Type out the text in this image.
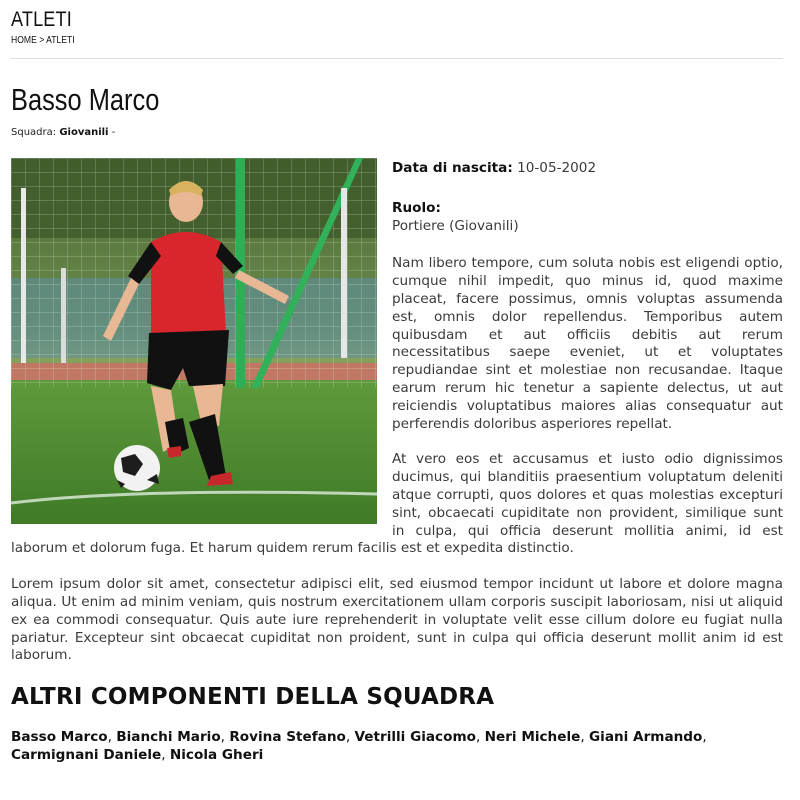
ATLETI
HOME > ATLETI
Basso Marco
Squadra: Giovanili -

Data di nascita: 10-05-2002

Ruolo:
Portiere (Giovanili)

Nam libero tempore, cum soluta nobis est eligendi optio, cumque nihil impedit, quo minus id, quod maxime placeat, facere possimus, omnis voluptas assumenda est, omnis dolor repellendus. Temporibus autem quibusdam et aut officiis debitis aut rerum necessitatibus saepe eveniet, ut et voluptates repudiandae sint et molestiae non recusandae. Itaque earum rerum hic tenetur a sapiente delectus, ut aut reiciendis voluptatibus maiores alias consequatur aut perferendis doloribus asperiores repellat.

At vero eos et accusamus et iusto odio dignissimos ducimus, qui blanditiis praesentium voluptatum deleniti atque corrupti, quos dolores et quas molestias excepturi sint, obcaecati cupiditate non provident, similique sunt in culpa, qui officia deserunt mollitia animi, id est laborum et dolorum fuga. Et harum quidem rerum facilis est et expedita distinctio.

Lorem ipsum dolor sit amet, consectetur adipisci elit, sed eiusmod tempor incidunt ut labore et dolore magna aliqua. Ut enim ad minim veniam, quis nostrum exercitationem ullam corporis suscipit laboriosam, nisi ut aliquid ex ea commodi consequatur. Quis aute iure reprehenderit in voluptate velit esse cillum dolore eu fugiat nulla pariatur. Excepteur sint obcaecat cupiditat non proident, sunt in culpa qui officia deserunt mollit anim id est laborum.

ALTRI COMPONENTI DELLA SQUADRA
Basso Marco, Bianchi Mario, Rovina Stefano, Vetrilli Giacomo, Neri Michele, Giani Armando, Carmignani Daniele, Nicola Gheri
